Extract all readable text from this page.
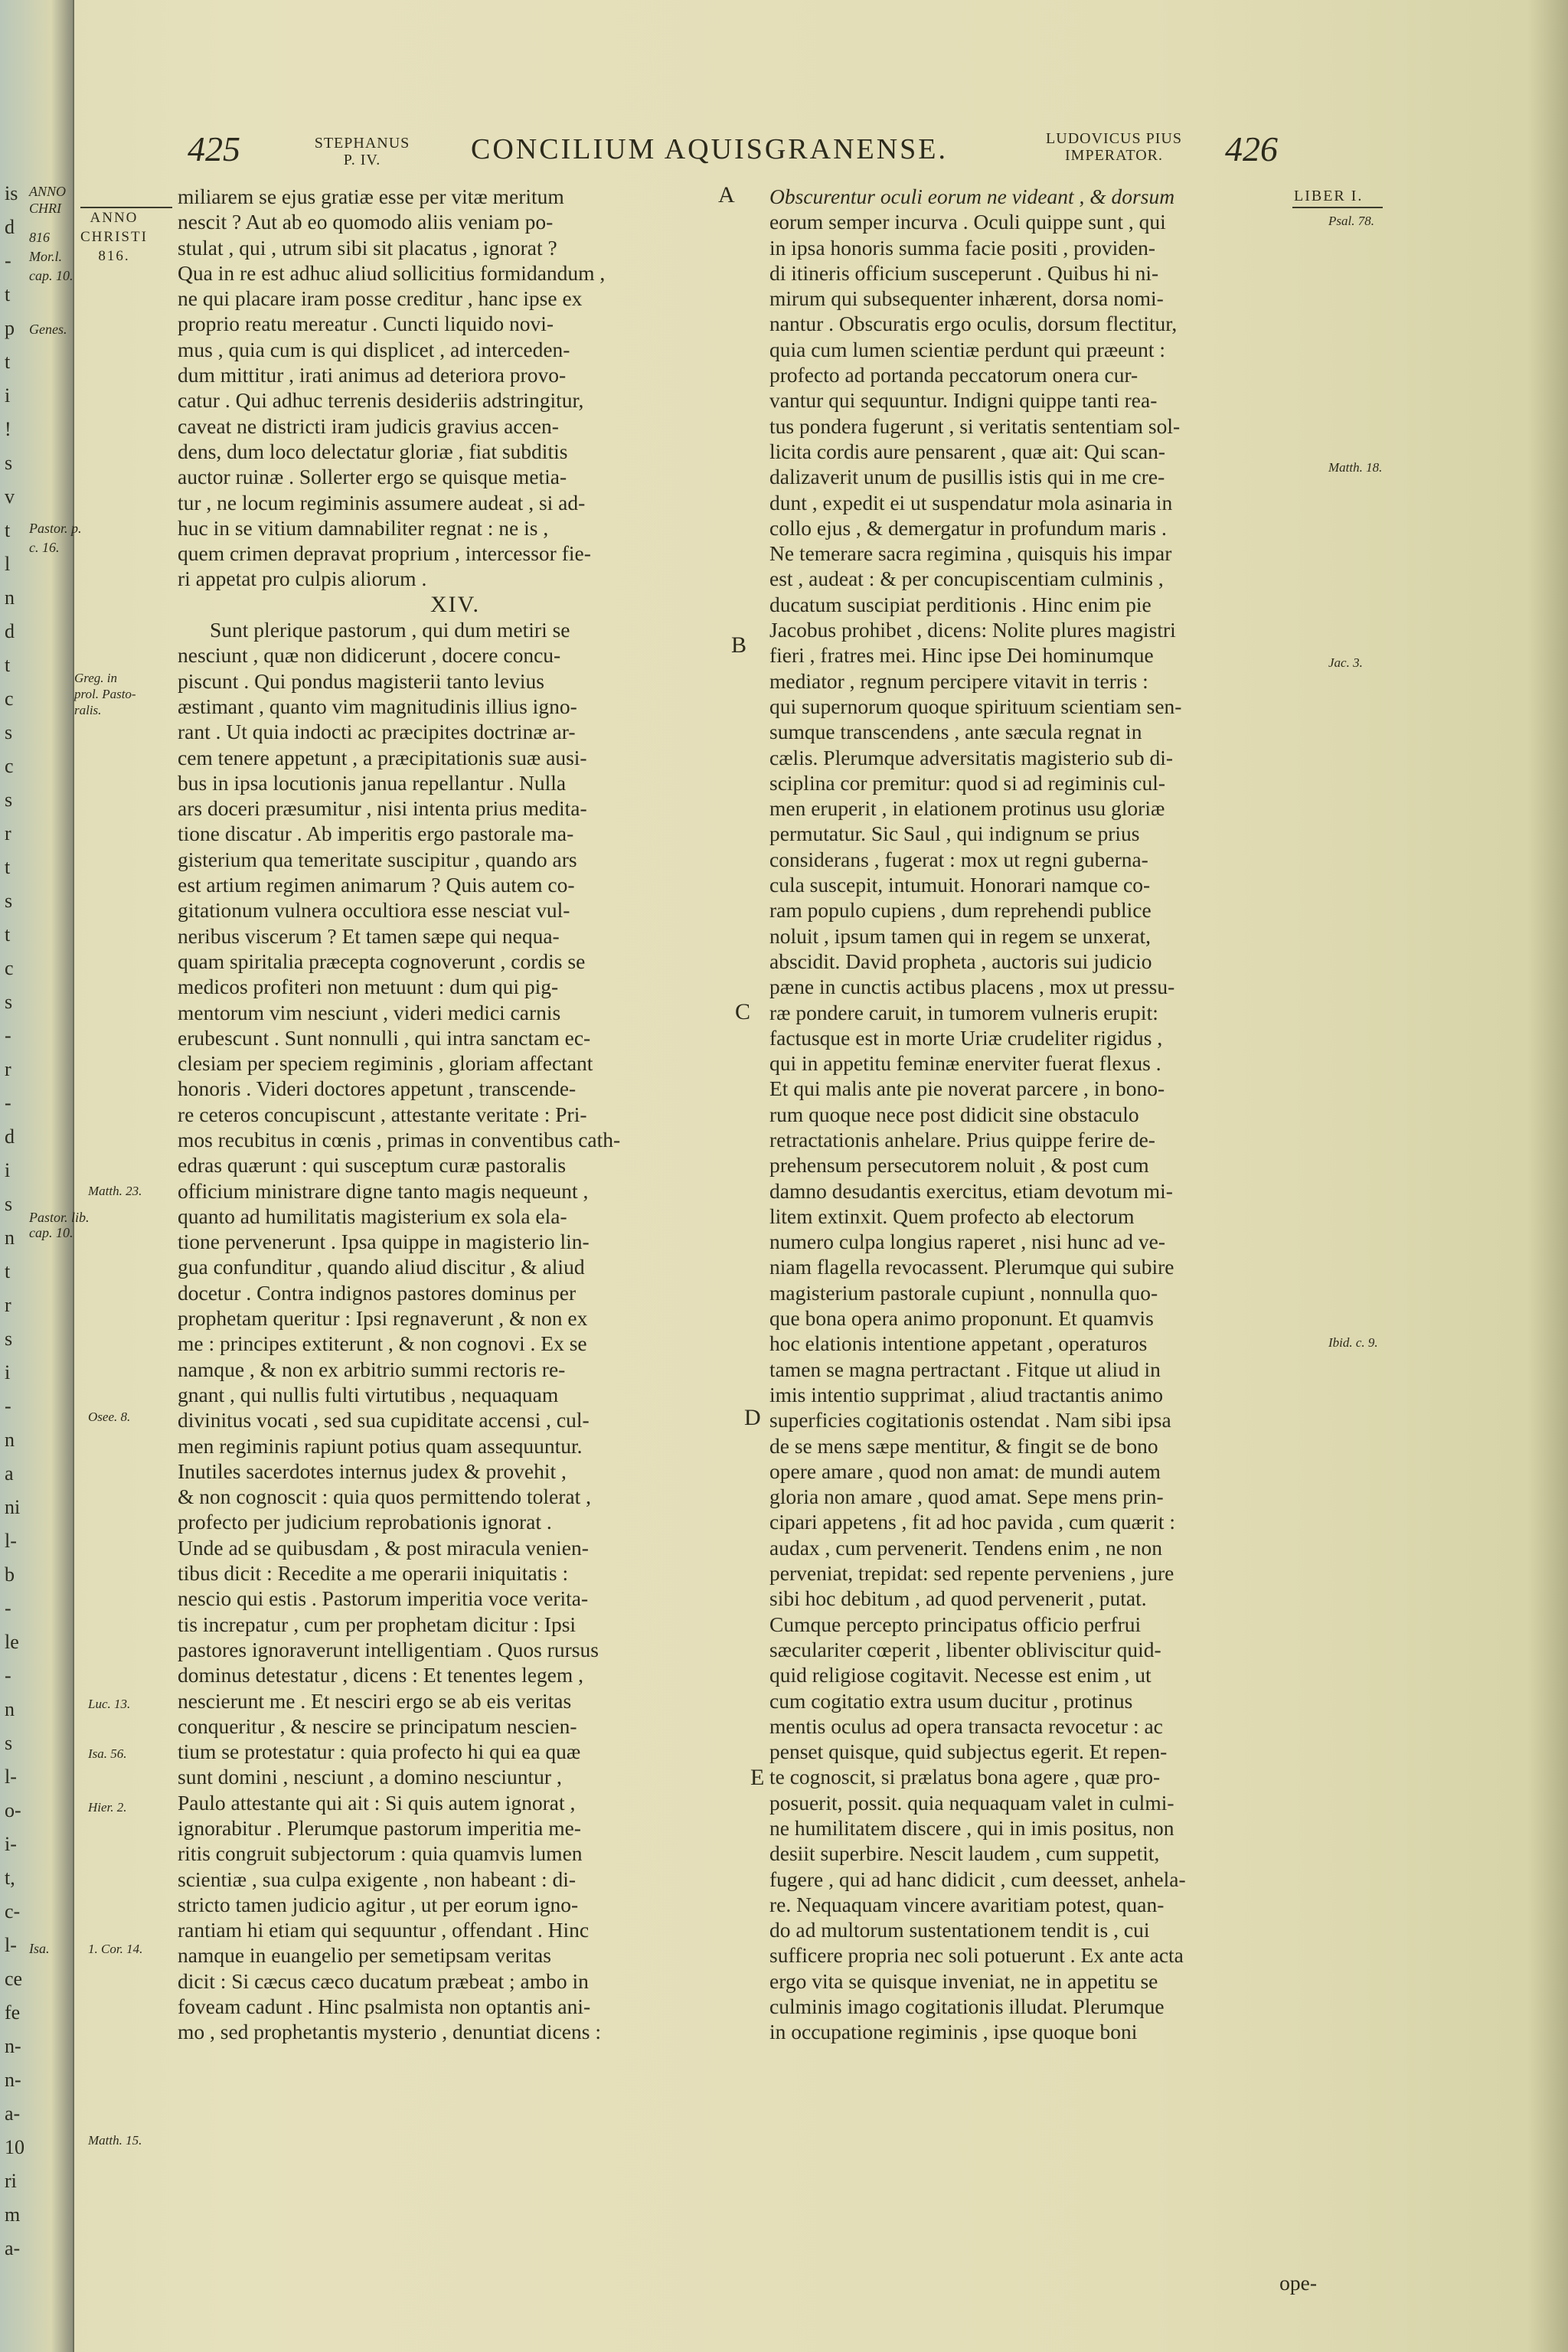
is
d
-
t
p
t
i
!
s
v
t
l
n
d
t
c
s
c
s
r
t
s
t
c
s
-
r
-
d
i
s
n
t
r
s
i
-
n
a
ni
l-
b
-
le
-
n
s
l-
o-
i-
t,
c-
l-
ce
fe
n-
n-
a-
10
ri
m
a-
ANNO
CHRI
816
Mor.l.
cap. 10.
Genes.
Pastor. p.
c. 16.
Pastor. lib.
cap. 10.
Isa.
425	STEPHANUS
P. IV.	CONCILIUM AQUISGRANENSE.	LUDOVICUS PIUS
IMPERATOR.	426
LIBER I.
ANNO
CHRISTI
816.

miliarem se ejus gratiæ esse per vitæ meritum

nescit ? Aut ab eo quomodo aliis veniam po-

stulat , qui , utrum sibi sit placatus , ignorat ?

Qua in re est adhuc aliud sollicitius formidandum ,

ne qui placare iram posse creditur , hanc ipse ex

proprio reatu mereatur . Cuncti liquido novi-

mus , quia cum is qui displicet , ad interceden-

dum mittitur , irati animus ad deteriora provo-

catur . Qui adhuc terrenis desideriis adstringitur,

caveat ne districti iram judicis gravius accen-

dens, dum loco delectatur gloriæ , fiat subditis

auctor ruinæ . Sollerter ergo se quisque metia-

tur , ne locum regiminis assumere audeat , si ad-

huc in se vitium damnabiliter regnat : ne is ,

quem crimen depravat proprium , intercessor fie-

ri appetat pro culpis aliorum .

XIV.

Sunt plerique pastorum , qui dum metiri se

nesciunt , quæ non didicerunt , docere concu-

piscunt . Qui pondus magisterii tanto levius

æstimant , quanto vim magnitudinis illius igno-

rant . Ut quia indocti ac præcipites doctrinæ ar-

cem tenere appetunt , a præcipitationis suæ ausi-

bus in ipsa locutionis janua repellantur . Nulla

ars doceri præsumitur , nisi intenta prius medita-

tione discatur . Ab imperitis ergo pastorale ma-

gisterium qua temeritate suscipitur , quando ars

est artium regimen animarum ? Quis autem co-

gitationum vulnera occultiora esse nesciat vul-

neribus viscerum ? Et tamen sæpe qui nequa-

quam spiritalia præcepta cognoverunt , cordis se

medicos profiteri non metuunt : dum qui pig-

mentorum vim nesciunt , videri medici carnis

erubescunt . Sunt nonnulli , qui intra sanctam ec-

clesiam per speciem regiminis , gloriam affectant

honoris . Videri doctores appetunt , transcende-

re ceteros concupiscunt , attestante veritate : Pri-

mos recubitus in cœnis , primas in conventibus cath-

edras quærunt : qui susceptum curæ pastoralis

officium ministrare digne tanto magis nequeunt ,

quanto ad humilitatis magisterium ex sola ela-

tione pervenerunt . Ipsa quippe in magisterio lin-

gua confunditur , quando aliud discitur , & aliud

docetur . Contra indignos pastores dominus per

prophetam queritur : Ipsi regnaverunt , & non ex

me : principes extiterunt , & non cognovi . Ex se

namque , & non ex arbitrio summi rectoris re-

gnant , qui nullis fulti virtutibus , nequaquam

divinitus vocati , sed sua cupiditate accensi , cul-

men regiminis rapiunt potius quam assequuntur.

Inutiles sacerdotes internus judex & provehit ,

& non cognoscit : quia quos permittendo tolerat ,

profecto per judicium reprobationis ignorat .

Unde ad se quibusdam , & post miracula venien-

tibus dicit : Recedite a me operarii iniquitatis :

nescio qui estis . Pastorum imperitia voce verita-

tis increpatur , cum per prophetam dicitur : Ipsi

pastores ignoraverunt intelligentiam . Quos rursus

dominus detestatur , dicens : Et tenentes legem ,

nescierunt me . Et nesciri ergo se ab eis veritas

conqueritur , & nescire se principatum nescien-

tium se protestatur : quia profecto hi qui ea quæ

sunt domini , nesciunt , a domino nesciuntur ,

Paulo attestante qui ait : Si quis autem ignorat ,

ignorabitur . Plerumque pastorum imperitia me-

ritis congruit subjectorum : quia quamvis lumen

scientiæ , sua culpa exigente , non habeant : di-

stricto tamen judicio agitur , ut per eorum igno-

rantiam hi etiam qui sequuntur , offendant . Hinc

namque in euangelio per semetipsam veritas

dicit : Si cæcus cæco ducatum præbeat ; ambo in

foveam cadunt . Hinc psalmista non optantis ani-

mo , sed prophetantis mysterio , denuntiat dicens :

Obscurentur oculi eorum ne videant , & dorsum

eorum semper incurva . Oculi quippe sunt , qui

in ipsa honoris summa facie positi , providen-

di itineris officium susceperunt . Quibus hi ni-

mirum qui subsequenter inhærent, dorsa nomi-

nantur . Obscuratis ergo oculis, dorsum flectitur,

quia cum lumen scientiæ perdunt qui præeunt :

profecto ad portanda peccatorum onera cur-

vantur qui sequuntur. Indigni quippe tanti rea-

tus pondera fugerunt , si veritatis sententiam sol-

licita cordis aure pensarent , quæ ait: Qui scan-

dalizaverit unum de pusillis istis qui in me cre-

dunt , expedit ei ut suspendatur mola asinaria in

collo ejus , & demergatur in profundum maris .

Ne temerare sacra regimina , quisquis his impar

est , audeat : & per concupiscentiam culminis ,

ducatum suscipiat perditionis . Hinc enim pie

Jacobus prohibet , dicens: Nolite plures magistri

fieri , fratres mei. Hinc ipse Dei hominumque

mediator , regnum percipere vitavit in terris :

qui supernorum quoque spirituum scientiam sen-

sumque transcendens , ante sæcula regnat in

cælis. Plerumque adversitatis magisterio sub di-

sciplina cor premitur: quod si ad regiminis cul-

men eruperit , in elationem protinus usu gloriæ

permutatur. Sic Saul , qui indignum se prius

considerans , fugerat : mox ut regni guberna-

cula suscepit, intumuit. Honorari namque co-

ram populo cupiens , dum reprehendi publice

noluit , ipsum tamen qui in regem se unxerat,

abscidit. David propheta , auctoris sui judicio

pæne in cunctis actibus placens , mox ut pressu-

ræ pondere caruit, in tumorem vulneris erupit:

factusque est in morte Uriæ crudeliter rigidus ,

qui in appetitu feminæ enerviter fuerat flexus .

Et qui malis ante pie noverat parcere , in bono-

rum quoque nece post didicit sine obstaculo

retractationis anhelare. Prius quippe ferire de-

prehensum persecutorem noluit , & post cum

damno desudantis exercitus, etiam devotum mi-

litem extinxit. Quem profecto ab electorum

numero culpa longius raperet , nisi hunc ad ve-

niam flagella revocassent. Plerumque qui subire

magisterium pastorale cupiunt , nonnulla quo-

que bona opera animo proponunt. Et quamvis

hoc elationis intentione appetant , operaturos

tamen se magna pertractant . Fitque ut aliud in

imis intentio supprimat , aliud tractantis animo

superficies cogitationis ostendat . Nam sibi ipsa

de se mens sæpe mentitur, & fingit se de bono

opere amare , quod non amat: de mundi autem

gloria non amare , quod amat. Sepe mens prin-

cipari appetens , fit ad hoc pavida , cum quærit :

audax , cum pervenerit. Tendens enim , ne non

perveniat, trepidat: sed repente perveniens , jure

sibi hoc debitum , ad quod pervenerit , putat.

Cumque percepto principatus officio perfrui

sæculariter cœperit , libenter obliviscitur quid-

quid religiose cogitavit. Necesse est enim , ut

cum cogitatio extra usum ducitur , protinus

mentis oculus ad opera transacta revocetur : ac

penset quisque, quid subjectus egerit. Et repen-

te cognoscit, si prælatus bona agere , quæ pro-

posuerit, possit. quia nequaquam valet in culmi-

ne humilitatem discere , qui in imis positus, non

desiit superbire. Nescit laudem , cum suppetit,

fugere , qui ad hanc didicit , cum deesset, anhela-

re. Nequaquam vincere avaritiam potest, quan-

do ad multorum sustentationem tendit is , cui

sufficere propria nec soli potuerunt . Ex ante acta

ergo vita se quisque inveniat, ne in appetitu se

culminis imago cogitationis illudat. Plerumque

in occupatione regiminis , ipse quoque boni

ope-
A
B
C
D
E
Greg. in
prol. Pasto-
ralis.
Matth. 23.
Osee. 8.
Luc. 13.
Isa. 56.
Hier. 2.
1. Cor. 14.
Matth. 15.
Psal. 78.
Matth. 18.
Jac. 3.
Ibid. c. 9.
